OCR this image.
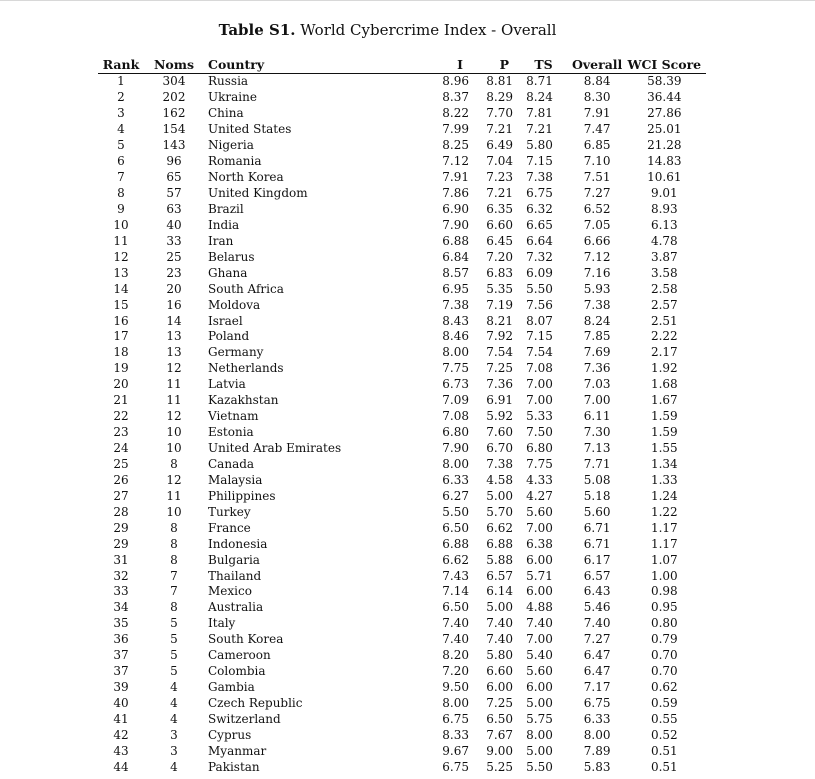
Table S1. World Cybercrime Index - Overall
Rank	Noms	Country	I	P	TS	Overall	WCI Score
1	304	Russia	8.96	8.81	8.71	8.84	58.39
2	202	Ukraine	8.37	8.29	8.24	8.30	36.44
3	162	China	8.22	7.70	7.81	7.91	27.86
4	154	United States	7.99	7.21	7.21	7.47	25.01
5	143	Nigeria	8.25	6.49	5.80	6.85	21.28
6	96	Romania	7.12	7.04	7.15	7.10	14.83
7	65	North Korea	7.91	7.23	7.38	7.51	10.61
8	57	United Kingdom	7.86	7.21	6.75	7.27	9.01
9	63	Brazil	6.90	6.35	6.32	6.52	8.93
10	40	India	7.90	6.60	6.65	7.05	6.13
11	33	Iran	6.88	6.45	6.64	6.66	4.78
12	25	Belarus	6.84	7.20	7.32	7.12	3.87
13	23	Ghana	8.57	6.83	6.09	7.16	3.58
14	20	South Africa	6.95	5.35	5.50	5.93	2.58
15	16	Moldova	7.38	7.19	7.56	7.38	2.57
16	14	Israel	8.43	8.21	8.07	8.24	2.51
17	13	Poland	8.46	7.92	7.15	7.85	2.22
18	13	Germany	8.00	7.54	7.54	7.69	2.17
19	12	Netherlands	7.75	7.25	7.08	7.36	1.92
20	11	Latvia	6.73	7.36	7.00	7.03	1.68
21	11	Kazakhstan	7.09	6.91	7.00	7.00	1.67
22	12	Vietnam	7.08	5.92	5.33	6.11	1.59
23	10	Estonia	6.80	7.60	7.50	7.30	1.59
24	10	United Arab Emirates	7.90	6.70	6.80	7.13	1.55
25	8	Canada	8.00	7.38	7.75	7.71	1.34
26	12	Malaysia	6.33	4.58	4.33	5.08	1.33
27	11	Philippines	6.27	5.00	4.27	5.18	1.24
28	10	Turkey	5.50	5.70	5.60	5.60	1.22
29	8	France	6.50	6.62	7.00	6.71	1.17
29	8	Indonesia	6.88	6.88	6.38	6.71	1.17
31	8	Bulgaria	6.62	5.88	6.00	6.17	1.07
32	7	Thailand	7.43	6.57	5.71	6.57	1.00
33	7	Mexico	7.14	6.14	6.00	6.43	0.98
34	8	Australia	6.50	5.00	4.88	5.46	0.95
35	5	Italy	7.40	7.40	7.40	7.40	0.80
36	5	South Korea	7.40	7.40	7.00	7.27	0.79
37	5	Cameroon	8.20	5.80	5.40	6.47	0.70
37	5	Colombia	7.20	6.60	5.60	6.47	0.70
39	4	Gambia	9.50	6.00	6.00	7.17	0.62
40	4	Czech Republic	8.00	7.25	5.00	6.75	0.59
41	4	Switzerland	6.75	6.50	5.75	6.33	0.55
42	3	Cyprus	8.33	7.67	8.00	8.00	0.52
43	3	Myanmar	9.67	9.00	5.00	7.89	0.51
44	4	Pakistan	6.75	5.25	5.50	5.83	0.51
